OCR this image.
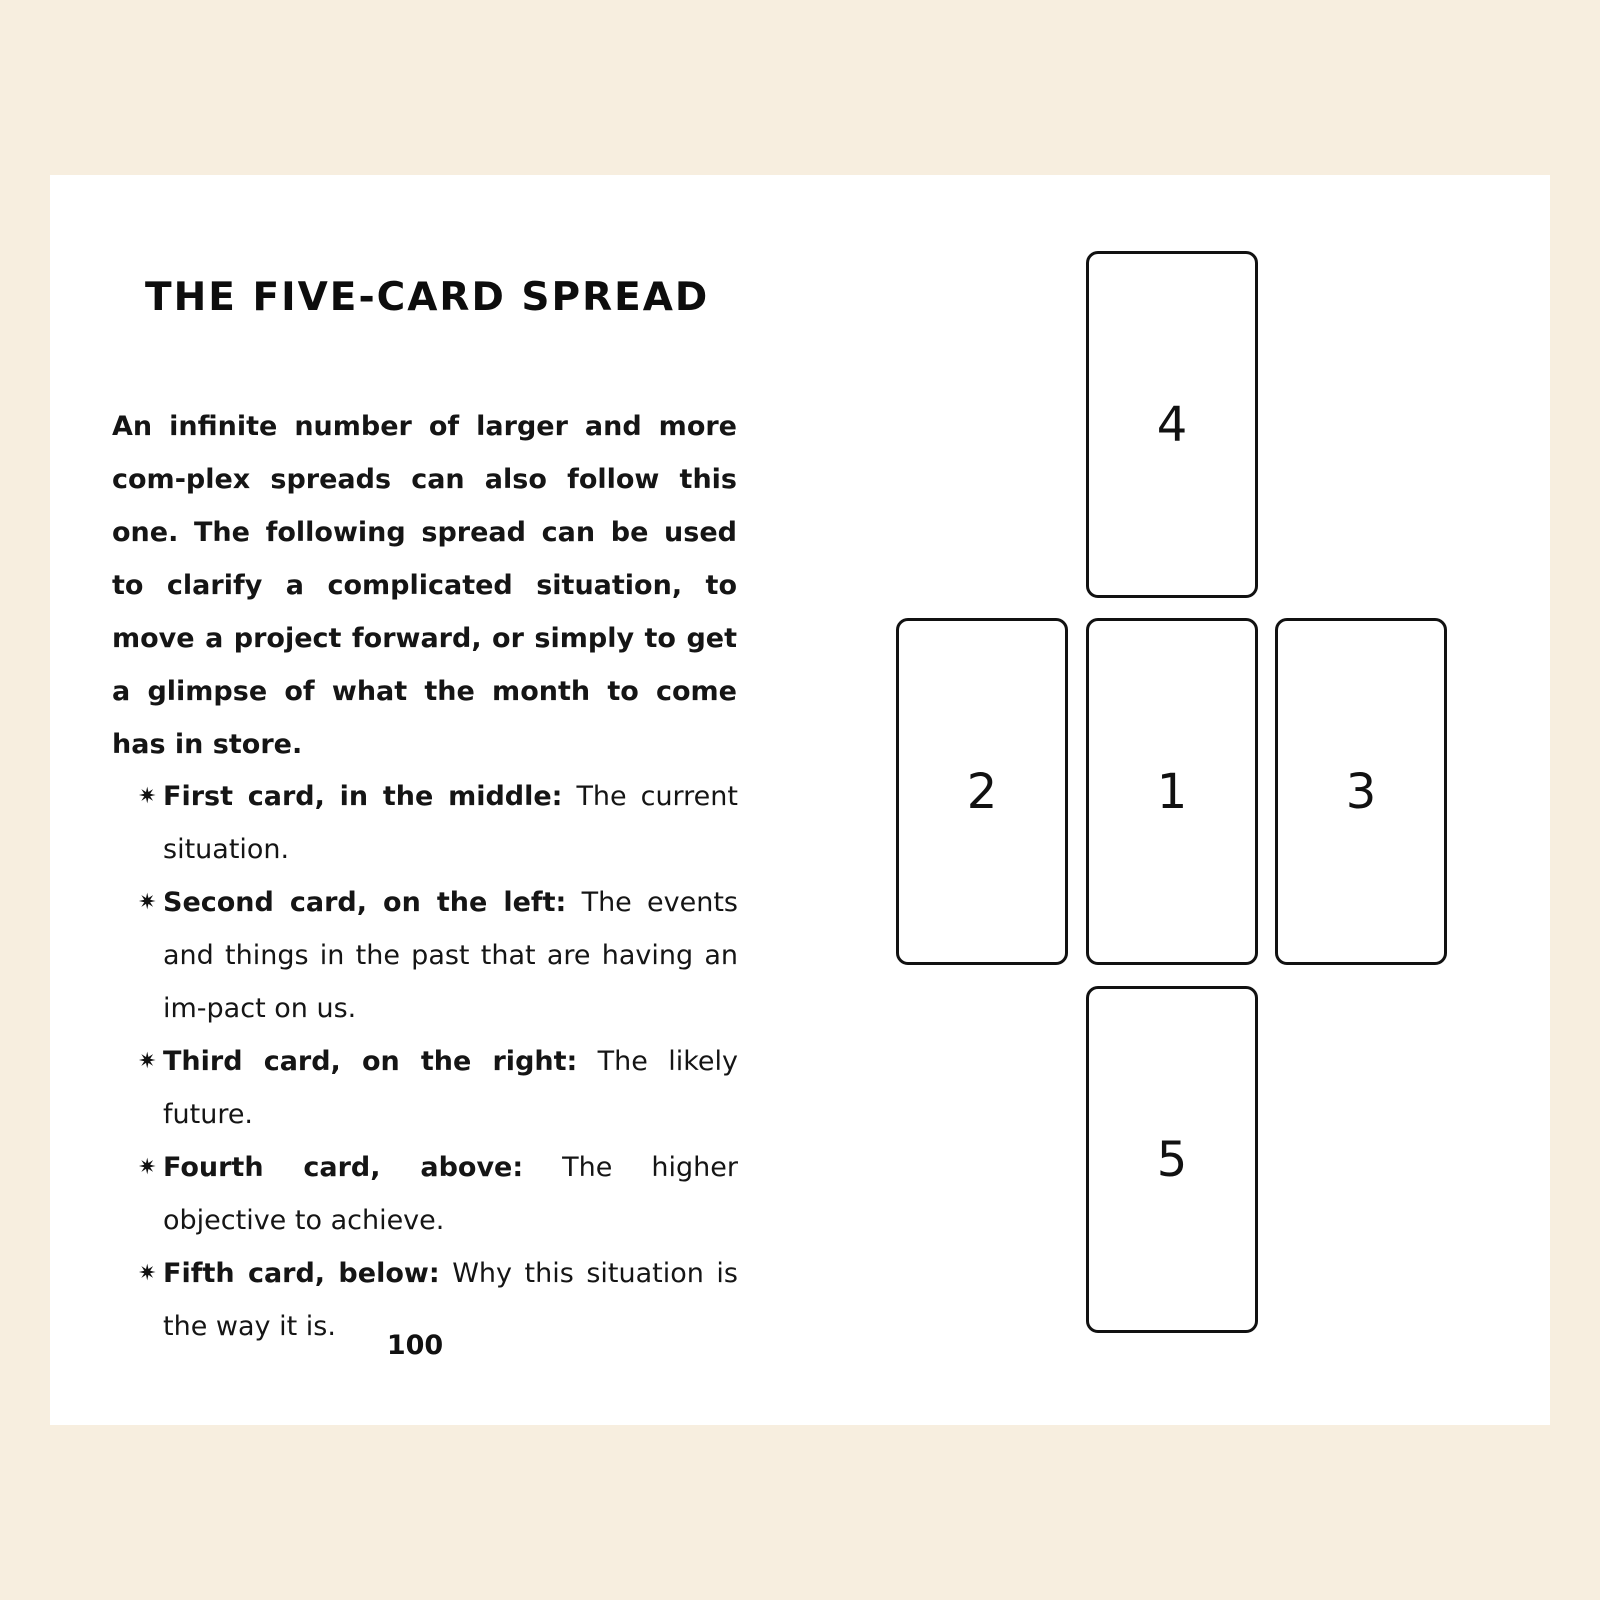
THE FIVE-CARD SPREAD

An infinite number of larger and more com-plex spreads can also follow this one. The following spread can be used to clarify a complicated situation, to move a project forward, or simply to get a glimpse of what the month to come has in store.

✷ First card, in the middle: The current situation.
✷ Second card, on the left: The events and things in the past that are having an im-pact on us.
✷ Third card, on the right: The likely future.
✷ Fourth card, above: The higher objective to achieve.
✷ Fifth card, below: Why this situation is the way it is.
100
4
2	1	3
5
